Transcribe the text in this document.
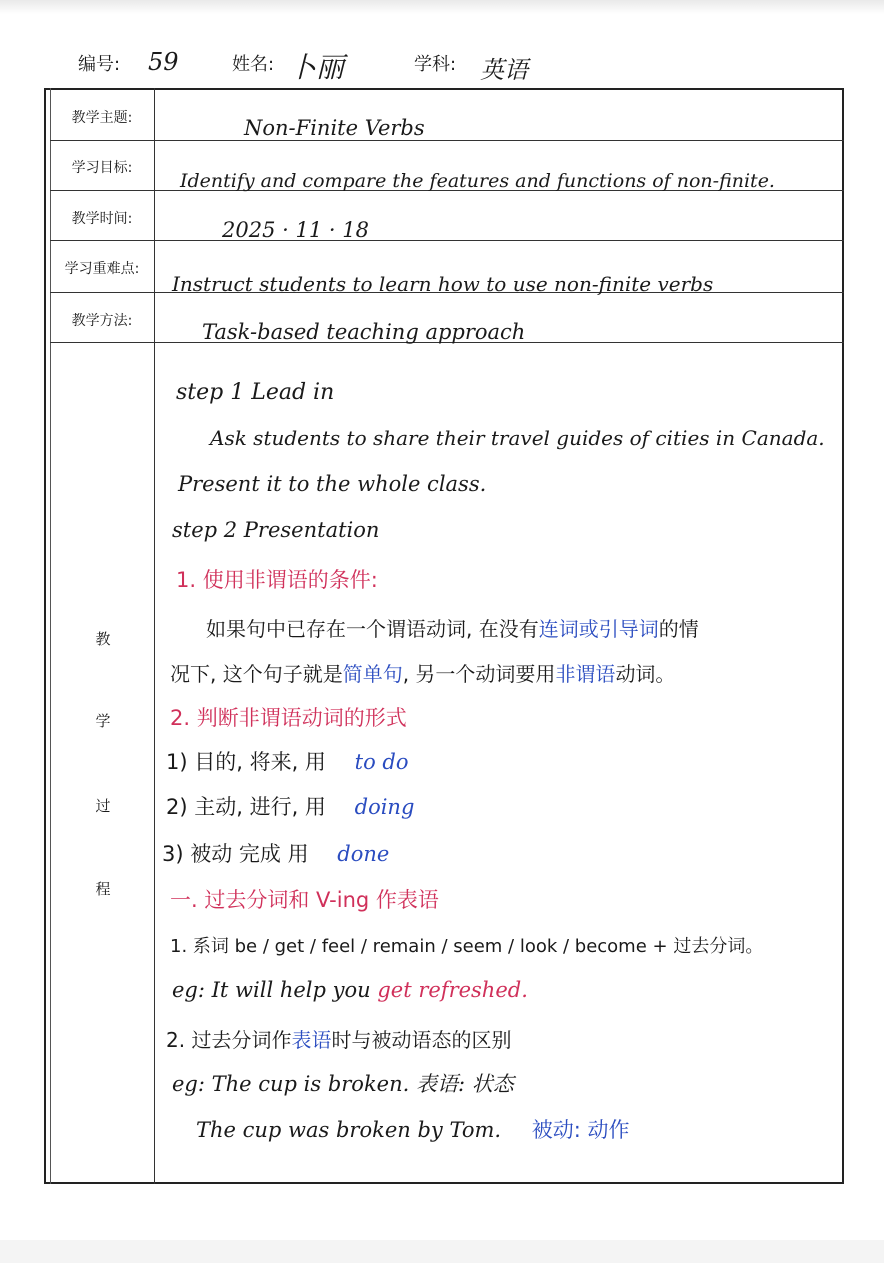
编号: 59	姓名: 卜丽	学科: 英语
教学主题:
学习目标:
教学时间:
学习重难点:
教学方法:
Non-Finite Verbs
Identify and compare the features and functions of non-finite.
2025 · 11 · 18
Instruct students to learn how to use non-finite verbs
Task-based teaching approach
教
学
过
程
step 1 Lead in
Ask students to share their travel guides of cities in Canada.
Present it to the whole class.
step 2 Presentation
1. 使用非谓语的条件:
如果句中已存在一个谓语动词, 在没有连词或引导词的情
况下, 这个句子就是简单句, 另一个动词要用非谓语动词。
2. 判断非谓语动词的形式
1) 目的, 将来, 用 to do
2) 主动, 进行, 用 doing
3) 被动 完成 用 done
一. 过去分词和 V-ing 作表语
1. 系词 be / get / feel / remain / seem / look / become + 过去分词。
eg: It will help you get refreshed.
2. 过去分词作表语时与被动语态的区别
eg: The cup is broken. 表语: 状态
The cup was broken by Tom. 被动: 动作
